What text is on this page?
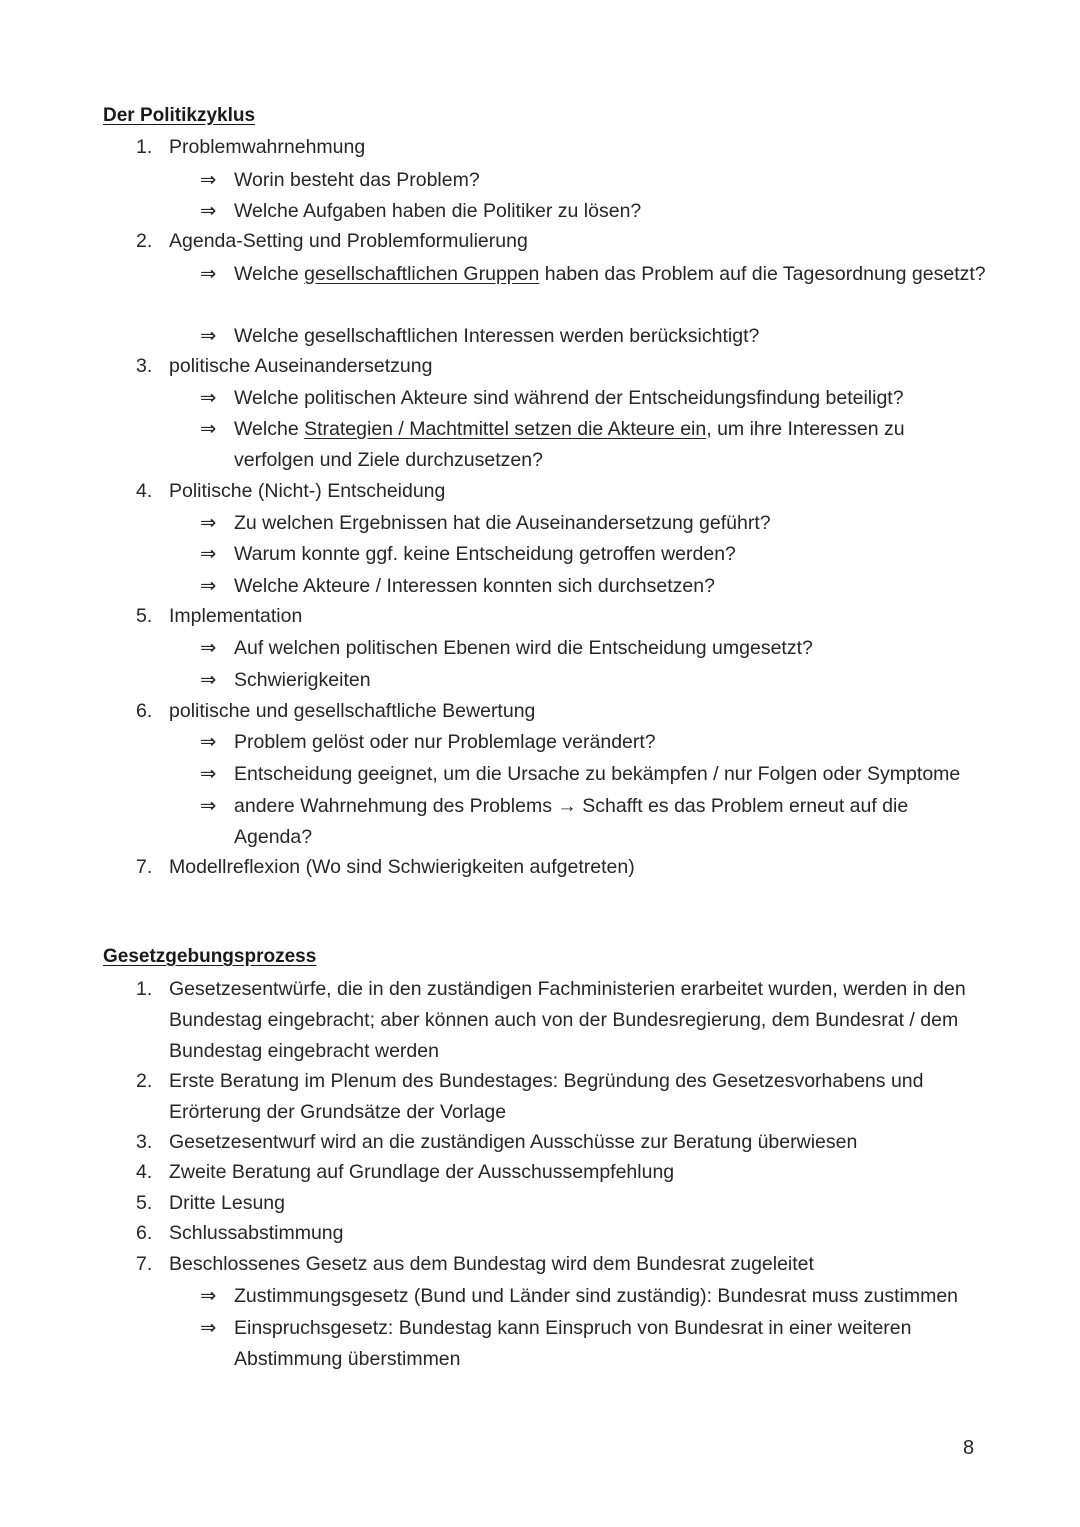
Der Politikzyklus
1. Problemwahrnehmung
⇒ Worin besteht das Problem?
⇒ Welche Aufgaben haben die Politiker zu lösen?
2. Agenda-Setting und Problemformulierung
⇒ Welche gesellschaftlichen Gruppen haben das Problem auf die Tagesordnung gesetzt?
⇒ Welche gesellschaftlichen Interessen werden berücksichtigt?
3. politische Auseinandersetzung
⇒ Welche politischen Akteure sind während der Entscheidungsfindung beteiligt?
⇒ Welche Strategien / Machtmittel setzen die Akteure ein, um ihre Interessen zu verfolgen und Ziele durchzusetzen?
4. Politische (Nicht-) Entscheidung
⇒ Zu welchen Ergebnissen hat die Auseinandersetzung geführt?
⇒ Warum konnte ggf. keine Entscheidung getroffen werden?
⇒ Welche Akteure / Interessen konnten sich durchsetzen?
5. Implementation
⇒ Auf welchen politischen Ebenen wird die Entscheidung umgesetzt?
⇒ Schwierigkeiten
6. politische und gesellschaftliche Bewertung
⇒ Problem gelöst oder nur Problemlage verändert?
⇒ Entscheidung geeignet, um die Ursache zu bekämpfen / nur Folgen oder Symptome
⇒ andere Wahrnehmung des Problems → Schafft es das Problem erneut auf die Agenda?
7. Modellreflexion (Wo sind Schwierigkeiten aufgetreten)
Gesetzgebungsprozess
1. Gesetzesentwürfe, die in den zuständigen Fachministerien erarbeitet wurden, werden in den Bundestag eingebracht; aber können auch von der Bundesregierung, dem Bundesrat / dem Bundestag eingebracht werden
2. Erste Beratung im Plenum des Bundestages: Begründung des Gesetzesvorhabens und Erörterung der Grundsätze der Vorlage
3. Gesetzesentwurf wird an die zuständigen Ausschüsse zur Beratung überwiesen
4. Zweite Beratung auf Grundlage der Ausschussempfehlung
5. Dritte Lesung
6. Schlussabstimmung
7. Beschlossenes Gesetz aus dem Bundestag wird dem Bundesrat zugeleitet
⇒ Zustimmungsgesetz (Bund und Länder sind zuständig): Bundesrat muss zustimmen
⇒ Einspruchsgesetz: Bundestag kann Einspruch von Bundesrat in einer weiteren Abstimmung überstimmen
8
